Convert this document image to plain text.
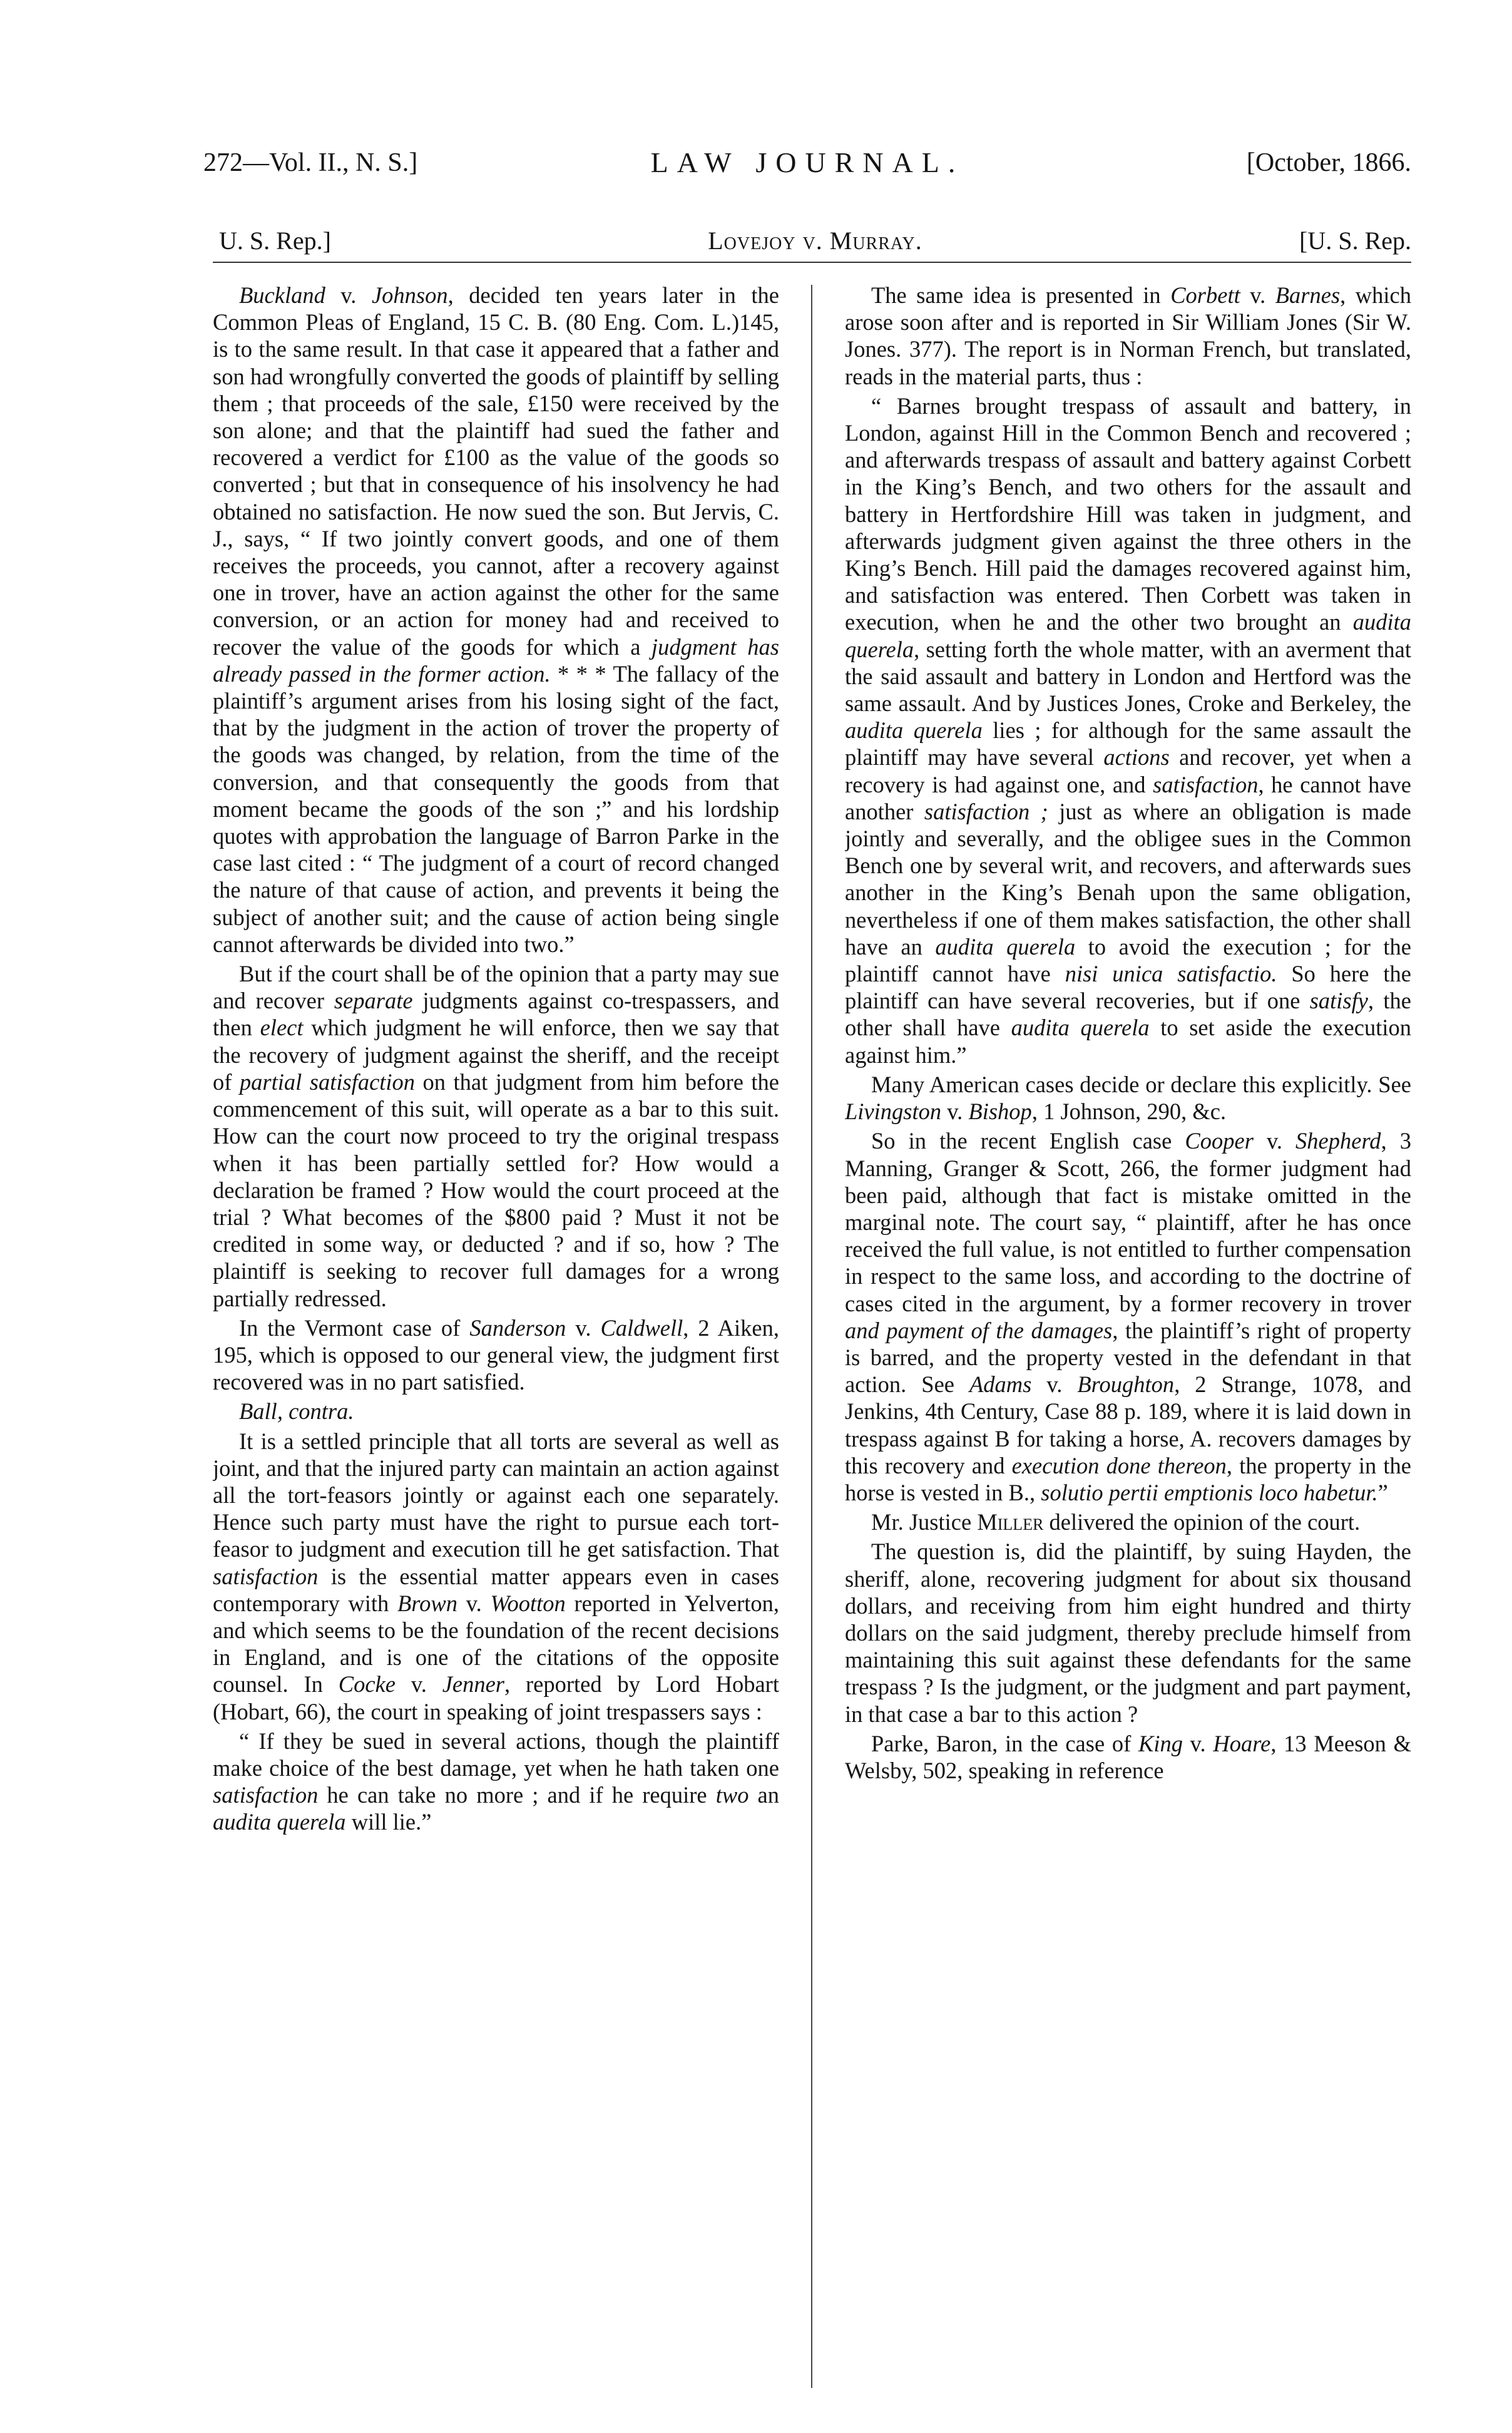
272—Vol. II., N. S.]	LAW JOURNAL.	[October, 1866.
U. S. Rep.]	Lovejoy v. Murray.	[U. S. Rep.

Buckland v. Johnson, decided ten years later in the Common Pleas of England, 15 C. B. (80 Eng. Com. L.)145, is to the same result. In that case it appeared that a father and son had wrongfully converted the goods of plaintiff by selling them ; that proceeds of the sale, £150 were received by the son alone; and that the plaintiff had sued the father and recovered a verdict for £100 as the value of the goods so converted ; but that in consequence of his insolvency he had obtained no satisfaction. He now sued the son. But Jervis, C. J., says, “ If two jointly convert goods, and one of them receives the proceeds, you cannot, after a recovery against one in trover, have an action against the other for the same conversion, or an action for money had and received to recover the value of the goods for which a judgment has already passed in the former action. * * * The fallacy of the plaintiff’s argument arises from his losing sight of the fact, that by the judgment in the action of trover the property of the goods was changed, by relation, from the time of the conversion, and that consequently the goods from that moment became the goods of the son ;” and his lordship quotes with approbation the language of Barron Parke in the case last cited : “ The judgment of a court of record changed the nature of that cause of action, and prevents it being the subject of another suit; and the cause of action being single cannot afterwards be divided into two.”

But if the court shall be of the opinion that a party may sue and recover separate judgments against co-trespassers, and then elect which judgment he will enforce, then we say that the recovery of judgment against the sheriff, and the receipt of partial satisfaction on that judgment from him before the commencement of this suit, will operate as a bar to this suit. How can the court now proceed to try the original trespass when it has been partially settled for? How would a declaration be framed ? How would the court proceed at the trial ? What becomes of the $800 paid ? Must it not be credited in some way, or deducted ? and if so, how ? The plaintiff is seeking to recover full damages for a wrong partially redressed.

In the Vermont case of Sanderson v. Caldwell, 2 Aiken, 195, which is opposed to our general view, the judgment first recovered was in no part satisfied.

Ball, contra.

It is a settled principle that all torts are several as well as joint, and that the injured party can maintain an action against all the tort-feasors jointly or against each one separately. Hence such party must have the right to pursue each tort-feasor to judgment and execution till he get satisfaction. That satisfaction is the essential matter appears even in cases contemporary with Brown v. Wootton reported in Yelverton, and which seems to be the foundation of the recent decisions in England, and is one of the citations of the opposite counsel. In Cocke v. Jenner, reported by Lord Hobart (Hobart, 66), the court in speaking of joint trespassers says :

“ If they be sued in several actions, though the plaintiff make choice of the best damage, yet when he hath taken one satisfaction he can take no more ; and if he require two an audita querela will lie.”

The same idea is presented in Corbett v. Barnes, which arose soon after and is reported in Sir William Jones (Sir W. Jones. 377). The report is in Norman French, but translated, reads in the material parts, thus :

“ Barnes brought trespass of assault and battery, in London, against Hill in the Common Bench and recovered ; and afterwards trespass of assault and battery against Corbett in the King’s Bench, and two others for the assault and battery in Hertfordshire Hill was taken in judgment, and afterwards judgment given against the three others in the King’s Bench. Hill paid the damages recovered against him, and satisfaction was entered. Then Corbett was taken in execution, when he and the other two brought an audita querela, setting forth the whole matter, with an averment that the said assault and battery in London and Hertford was the same assault. And by Justices Jones, Croke and Berkeley, the audita querela lies ; for although for the same assault the plaintiff may have several actions and recover, yet when a recovery is had against one, and satisfaction, he cannot have another satisfaction ; just as where an obligation is made jointly and severally, and the obligee sues in the Common Bench one by several writ, and recovers, and afterwards sues another in the King’s Benah upon the same obligation, nevertheless if one of them makes satisfaction, the other shall have an audita querela to avoid the execution ; for the plaintiff cannot have nisi unica satisfactio. So here the plaintiff can have several recoveries, but if one satisfy, the other shall have audita querela to set aside the execution against him.”

Many American cases decide or declare this explicitly. See Livingston v. Bishop, 1 Johnson, 290, &c.

So in the recent English case Cooper v. Shepherd, 3 Manning, Granger & Scott, 266, the former judgment had been paid, although that fact is mistake omitted in the marginal note. The court say, “ plaintiff, after he has once received the full value, is not entitled to further compensation in respect to the same loss, and according to the doctrine of cases cited in the argument, by a former recovery in trover and payment of the damages, the plaintiff’s right of property is barred, and the property vested in the defendant in that action. See Adams v. Broughton, 2 Strange, 1078, and Jenkins, 4th Century, Case 88 p. 189, where it is laid down in trespass against B for taking a horse, A. recovers damages by this recovery and execution done thereon, the property in the horse is vested in B., solutio pertii emptionis loco habetur.”

Mr. Justice Miller delivered the opinion of the court.

The question is, did the plaintiff, by suing Hayden, the sheriff, alone, recovering judgment for about six thousand dollars, and receiving from him eight hundred and thirty dollars on the said judgment, thereby preclude himself from maintaining this suit against these defendants for the same trespass ? Is the judgment, or the judgment and part payment, in that case a bar to this action ?

Parke, Baron, in the case of King v. Hoare, 13 Meeson & Welsby, 502, speaking in reference
